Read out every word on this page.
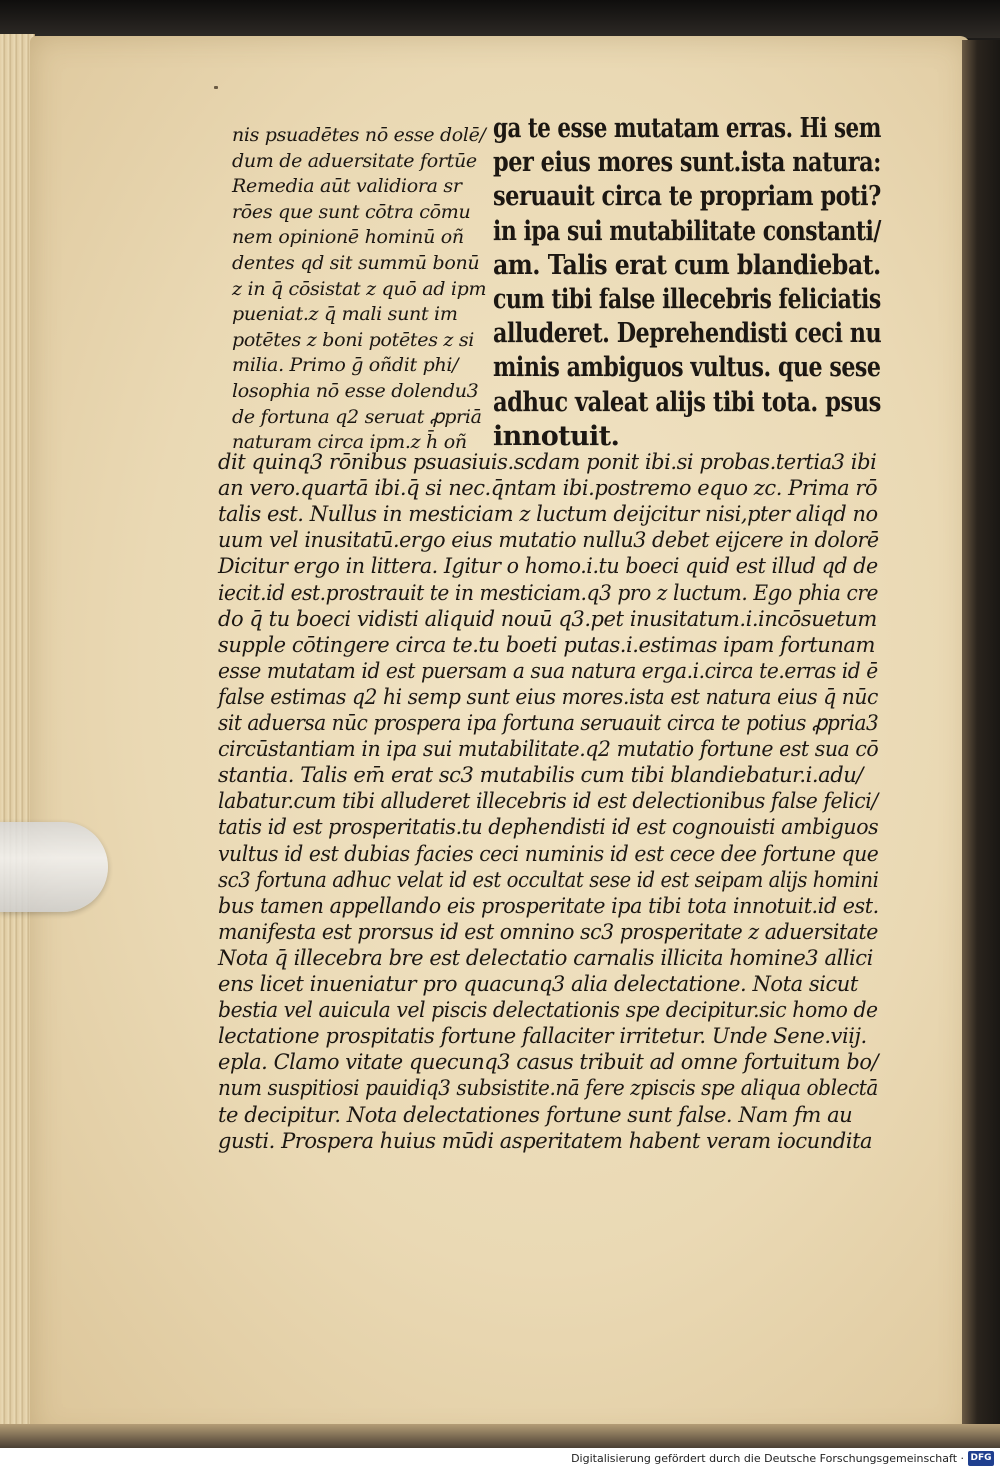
nis psuadētes nō esse dolē/
dum de aduersitate fortūe
Remedia aūt validiora sr
rōes que sunt cōtra cōmu
nem opinionē hominū oñ
dentes qd sit summū bonū
z in q̄ cōsistat z quō ad ipm
pueniat.z q̄ mali sunt im
potētes z boni potētes z si
milia. Primo ḡ oñdit phi/
losophia nō esse dolendu3
de fortuna q2 seruat ꝓpriā
naturam circa ipm.z h̄ oñ
ga te esse mutatam erras. Hi sem
per eius mores sunt.ista natura:
seruauit circa te propriam poti?
in ipa sui mutabilitate constanti/
am. Talis erat cum blandiebat.
cum tibi false illecebris feliciatis
alluderet. Deprehendisti ceci nu
minis ambiguos vultus. que sese
adhuc valeat alijs tibi tota. psus
innotuit.
dit quinq3 rōnibus psuasiuis.scdam ponit ibi.si probas.tertia3 ibi
an vero.quartā ibi.q̄ si nec.q̄ntam ibi.postremo equo zc. Prima rō
talis est. Nullus in mesticiam z luctum deijcitur nisi,pter aliqd no
uum vel inusitatū.ergo eius mutatio nullu3 debet eijcere in dolorē
Dicitur ergo in littera. Igitur o homo.i.tu boeci quid est illud qd de
iecit.id est.prostrauit te in mesticiam.q3 pro z luctum. Ego phia cre
do q̄ tu boeci vidisti aliquid nouū q3.pet inusitatum.i.incōsuetum
supple cōtingere circa te.tu boeti putas.i.estimas ipam fortunam
esse mutatam id est puersam a sua natura erga.i.circa te.erras id ē
false estimas q2 hi semp sunt eius mores.ista est natura eius q̄ nūc
sit aduersa nūc prospera ipa fortuna seruauit circa te potius ꝓpria3
circūstantiam in ipa sui mutabilitate.q2 mutatio fortune est sua cō
stantia. Talis em̄ erat sc3 mutabilis cum tibi blandiebatur.i.adu/
labatur.cum tibi alluderet illecebris id est delectionibus false felici/
tatis id est prosperitatis.tu dephendisti id est cognouisti ambiguos
vultus id est dubias facies ceci numinis id est cece dee fortune que
sc3 fortuna adhuc velat id est occultat sese id est seipam alijs homini
bus tamen appellando eis prosperitate ipa tibi tota innotuit.id est.
manifesta est prorsus id est omnino sc3 prosperitate z aduersitate
Nota q̄ illecebra bre est delectatio carnalis illicita homine3 allici
ens licet inueniatur pro quacunq3 alia delectatione. Nota sicut
bestia vel auicula vel piscis delectationis spe decipitur.sic homo de
lectatione prospitatis fortune fallaciter irritetur. Unde Sene.viij.
epla. Clamo vitate quecunq3 casus tribuit ad omne fortuitum bo/
num suspitiosi pauidiq3 subsistite.nā fere zpiscis spe aliqua oblectā
te decipitur. Nota delectationes fortune sunt false. Nam fm au
gusti. Prospera huius mūdi asperitatem habent veram iocundita
Digitalisierung gefördert durch die Deutsche Forschungsgemeinschaft · DFG
